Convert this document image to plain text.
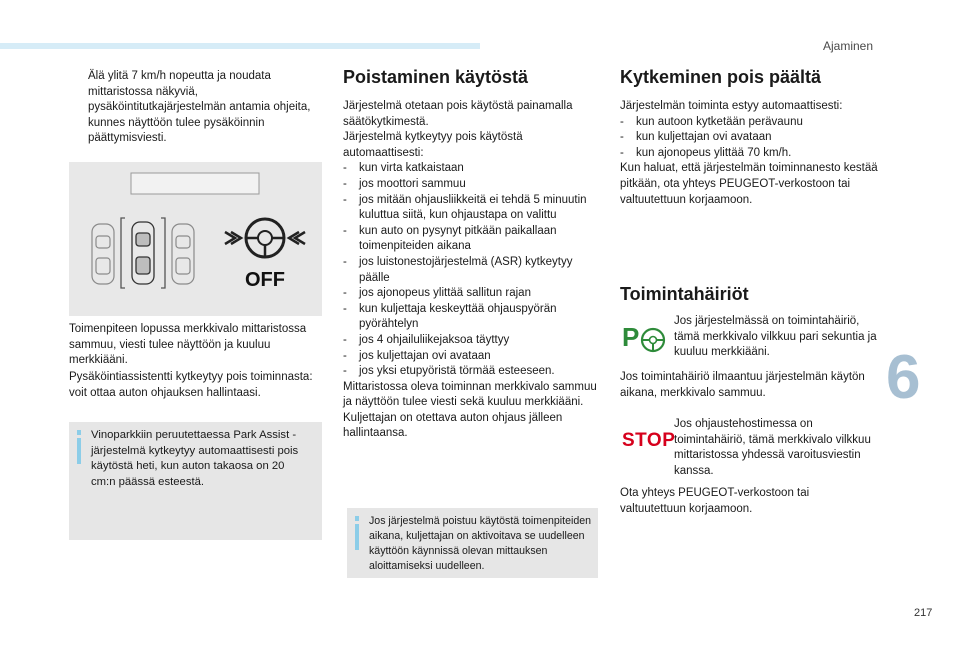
Ajaminen
6
217

Älä ylitä 7 km/h nopeutta ja noudata mittaristossa näkyviä, pysäköintitutkajärjestelmän antamia ohjeita, kunnes näyttöön tulee pysäköinnin päättymisviesti.

OFF

Toimenpiteen lopussa merkkivalo mittaristossa sammuu, viesti tulee näyttöön ja kuuluu merkkiääni.

Pysäköintiassistentti kytkeytyy pois toiminnasta: voit ottaa auton ohjauksen hallintaasi.

Vinoparkkiin peruutettaessa Park Assist -järjestelmä kytkeytyy automaattisesti pois käytöstä heti, kun auton takaosa on 20 cm:n päässä esteestä.
Poistaminen käytöstä

Järjestelmä otetaan pois käytöstä painamalla säätökytkimestä.

Järjestelmä kytkeytyy pois käytöstä automaattisesti:

- kun virta katkaistaan
- jos moottori sammuu
- jos mitään ohjausliikkeitä ei tehdä 5 minuutin kuluttua siitä, kun ohjaustapa on valittu
- kun auto on pysynyt pitkään paikallaan toimenpiteiden aikana
- jos luistonestojärjestelmä (ASR) kytkeytyy päälle
- jos ajonopeus ylittää sallitun rajan
- kun kuljettaja keskeyttää ohjauspyörän pyörähtelyn
- jos 4 ohjailuliikejaksoa täyttyy
- jos kuljettajan ovi avataan
- jos yksi etupyöristä törmää esteeseen.

Mittaristossa oleva toiminnan merkkivalo sammuu ja näyttöön tulee viesti sekä kuuluu merkkiääni.

Kuljettajan on otettava auton ohjaus jälleen hallintaansa.

Jos järjestelmä poistuu käytöstä toimenpiteiden aikana, kuljettajan on aktivoitava se uudelleen käyttöön käynnissä olevan mittauksen aloittamiseksi uudelleen.
Kytkeminen pois päältä

Järjestelmän toiminta estyy automaattisesti:

- kun autoon kytketään perävaunu
- kun kuljettajan ovi avataan
- kun ajonopeus ylittää 70 km/h.

Kun haluat, että järjestelmän toiminnanesto kestää pitkään, ota yhteys PEUGEOT-verkostoon tai valtuutettuun korjaamoon.

Toimintahäiriöt
P

Jos järjestelmässä on toimintahäiriö, tämä merkkivalo vilkkuu pari sekuntia ja kuuluu merkkiääni.

Jos toimintahäiriö ilmaantuu järjestelmän käytön aikana, merkkivalo sammuu.

STOP

Jos ohjaustehostimessa on toimintahäiriö, tämä merkkivalo vilkkuu mittaristossa yhdessä varoitusviestin kanssa.

Ota yhteys PEUGEOT-verkostoon tai valtuutettuun korjaamoon.
